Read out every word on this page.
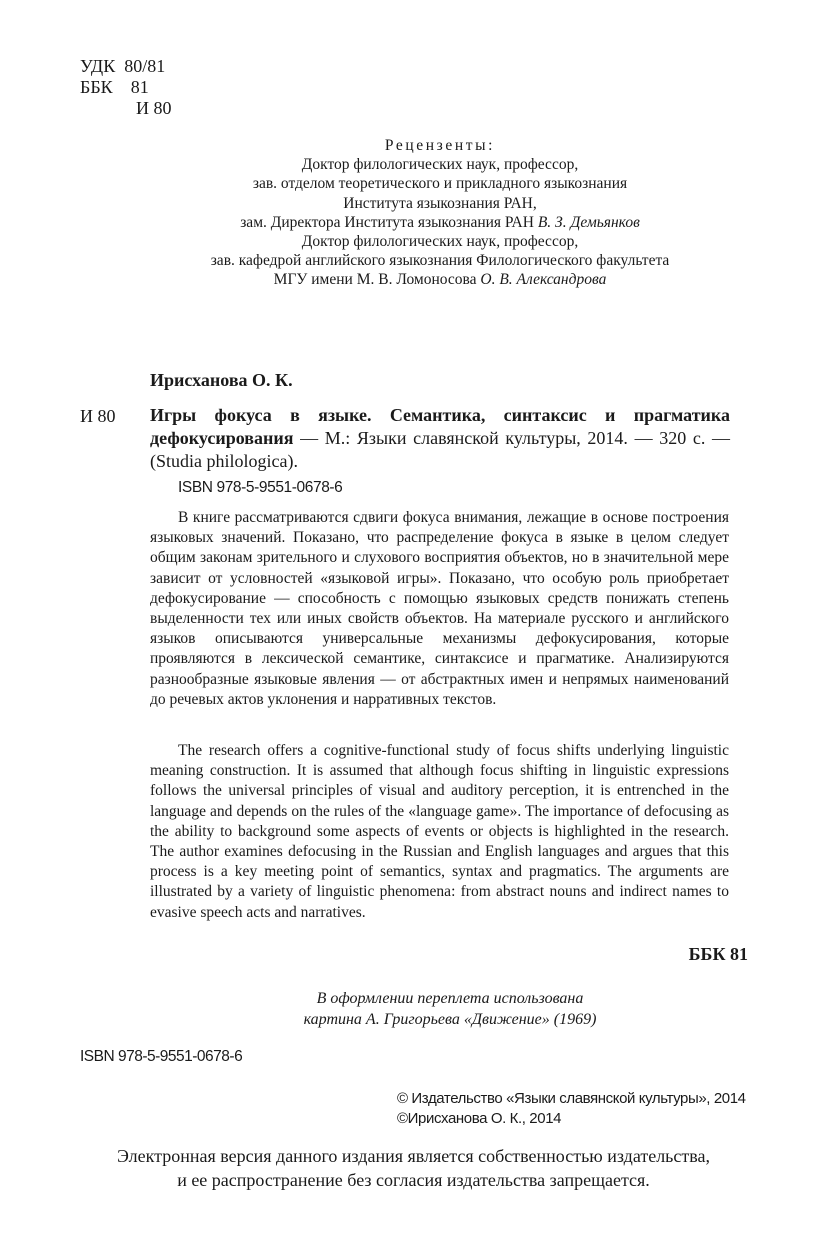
УДК 80/81
ББК 81
И 80
Рецензенты:
Доктор филологических наук, профессор,
зав. отделом теоретического и прикладного языкознания
Института языкознания РАН,
зам. Директора Института языкознания РАН В. З. Демьянков
Доктор филологических наук, профессор,
зав. кафедрой английского языкознания Филологического факультета
МГУ имени М. В. Ломоносова О. В. Александрова
Ирисханова О. К.
И 80 Игры фокуса в языке. Семантика, синтаксис и прагматика дефокусирования — М.: Языки славянской культуры, 2014. — 320 с. — (Studia philologica).
ISBN 978-5-9551-0678-6

В книге рассматриваются сдвиги фокуса внимания, лежащие в основе построения языковых значений. Показано, что распределение фокуса в языке в целом следует общим законам зрительного и слухового восприятия объектов, но в значительной мере зависит от условностей «языковой игры». Показано, что особую роль приобретает дефокусирование — способность с помощью языковых средств понижать степень выделенности тех или иных свойств объектов. На материале русского и английского языков описываются универсальные механизмы дефокусирования, которые проявляются в лексической семантике, синтаксисе и прагматике. Анализируются разнообразные языковые явления — от абстрактных имен и непрямых наименований до речевых актов уклонения и нарративных текстов.

The research offers a cognitive-functional study of focus shifts underlying linguistic meaning construction. It is assumed that although focus shifting in linguistic expressions follows the universal principles of visual and auditory perception, it is entrenched in the language and depends on the rules of the «language game». The importance of defocusing as the ability to background some aspects of events or objects is highlighted in the research. The author examines defocusing in the Russian and English languages and argues that this process is a key meeting point of semantics, syntax and pragmatics. The arguments are illustrated by a variety of linguistic phenomena: from abstract nouns and indirect names to evasive speech acts and narratives.

ББК 81
В оформлении переплета использована
картина А. Григорьева «Движение» (1969)
ISBN 978-5-9551-0678-6
© Издательство «Языки славянской культуры», 2014
©Ирисханова О. К., 2014
Электронная версия данного издания является собственностью издательства,
и ее распространение без согласия издательства запрещается.
